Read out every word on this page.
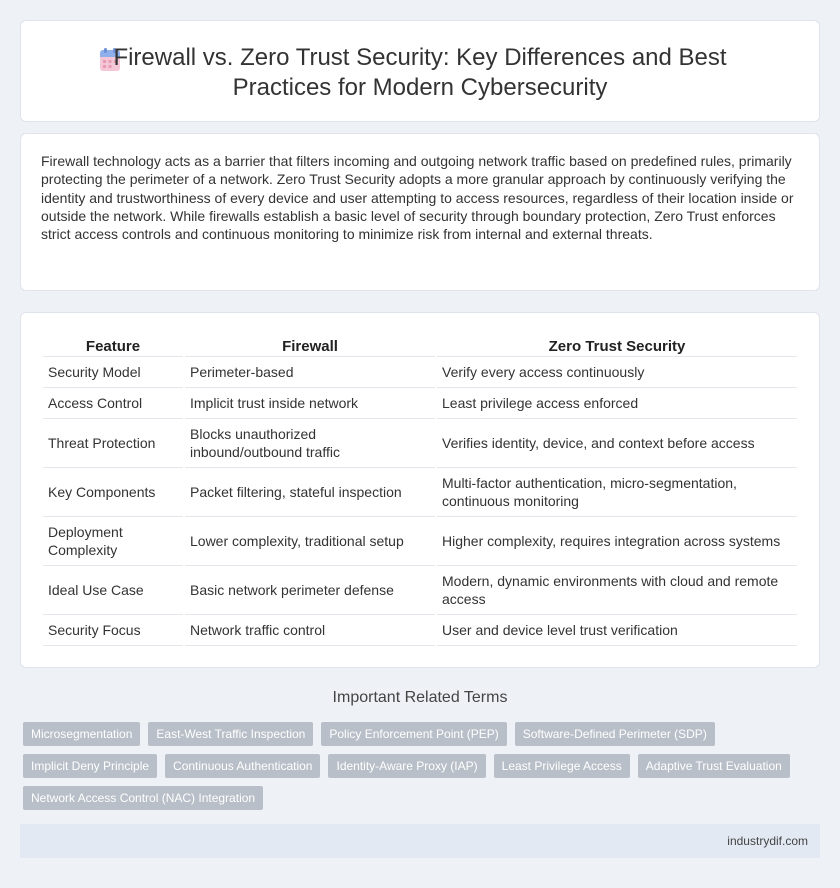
Firewall vs. Zero Trust Security: Key Differences and Best Practices for Modern Cybersecurity

Firewall technology acts as a barrier that filters incoming and outgoing network traffic based on predefined rules, primarily protecting the perimeter of a network. Zero Trust Security adopts a more granular approach by continuously verifying the identity and trustworthiness of every device and user attempting to access resources, regardless of their location inside or outside the network. While firewalls establish a basic level of security through boundary protection, Zero Trust enforces strict access controls and continuous monitoring to minimize risk from internal and external threats.

Feature	Firewall	Zero Trust Security
Security Model	Perimeter-based	Verify every access continuously
Access Control	Implicit trust inside network	Least privilege access enforced
Threat Protection	Blocks unauthorized inbound/outbound traffic	Verifies identity, device, and context before access
Key Components	Packet filtering, stateful inspection	Multi-factor authentication, micro-segmentation, continuous monitoring
Deployment Complexity	Lower complexity, traditional setup	Higher complexity, requires integration across systems
Ideal Use Case	Basic network perimeter defense	Modern, dynamic environments with cloud and remote access
Security Focus	Network traffic control	User and device level trust verification
Important Related Terms
Microsegmentation	East-West Traffic Inspection	Policy Enforcement Point (PEP)	Software-Defined Perimeter (SDP)
Implicit Deny Principle	Continuous Authentication	Identity-Aware Proxy (IAP)	Least Privilege Access	Adaptive Trust Evaluation
Network Access Control (NAC) Integration
industrydif.com
